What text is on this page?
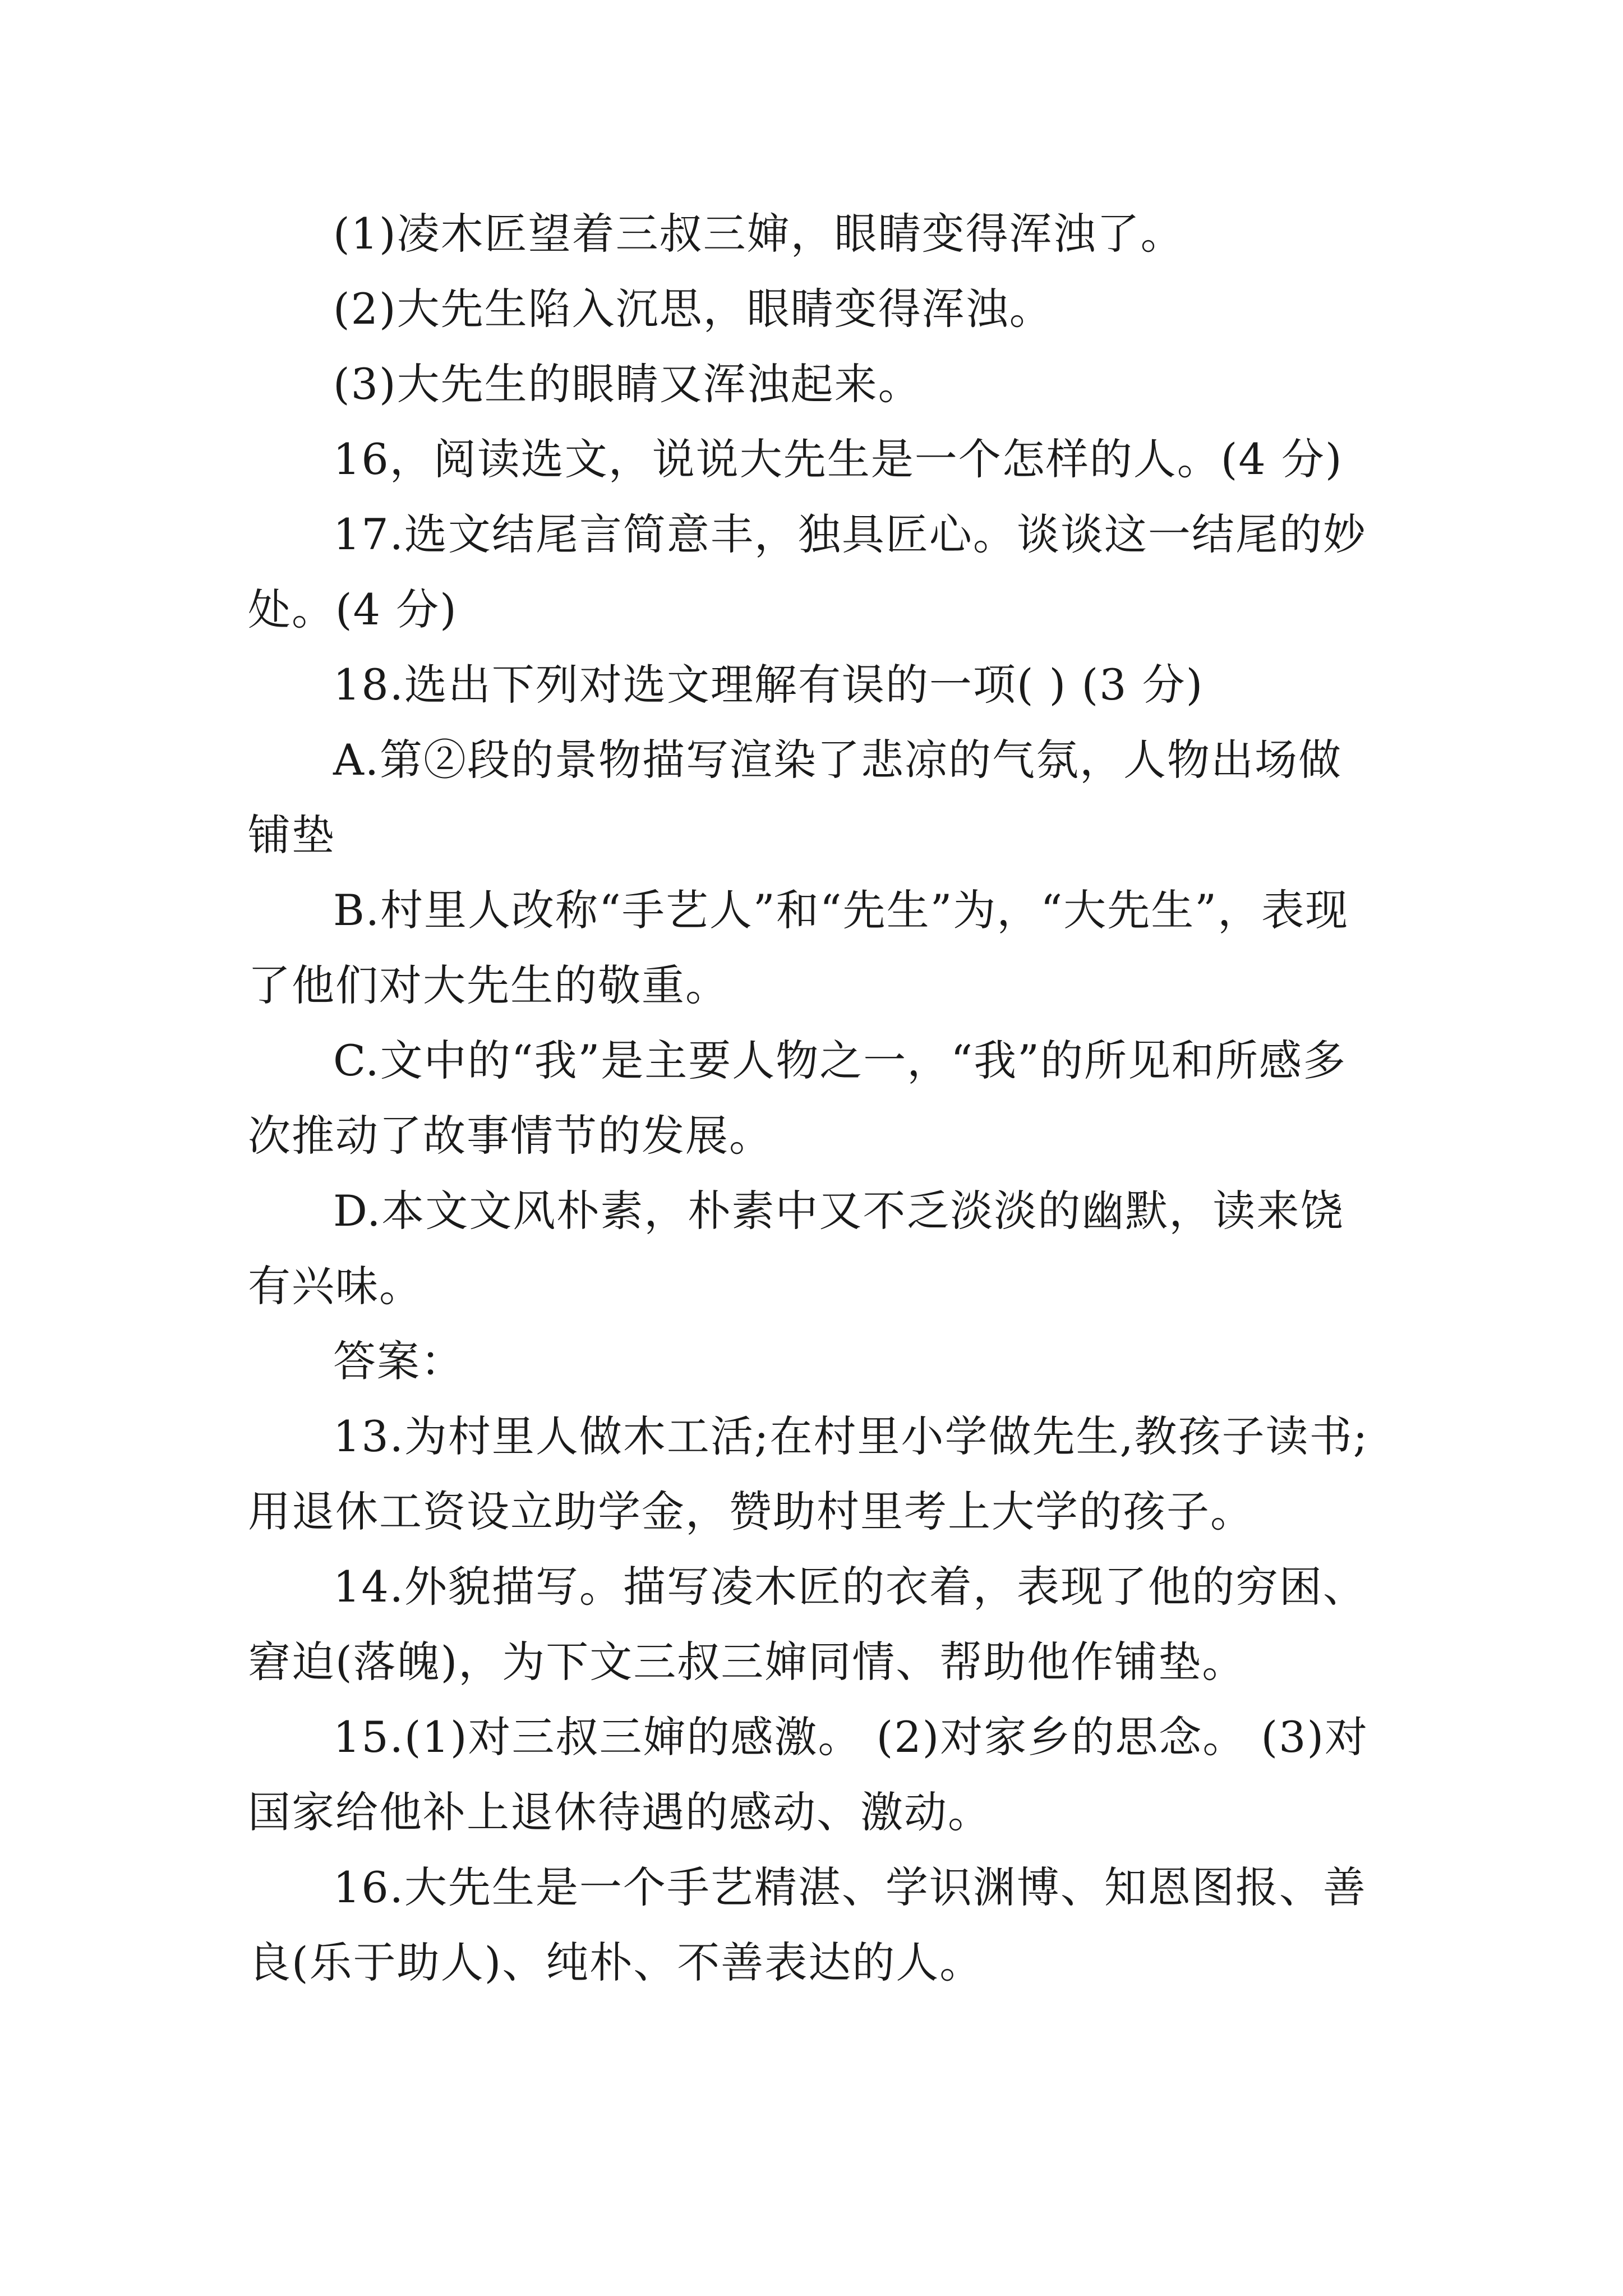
(1)凌木匠望着三叔三婶，眼睛变得浑浊了。

(2)大先生陷入沉思，眼睛变得浑浊。

(3)大先生的眼睛又浑浊起来。

16，阅读选文，说说大先生是一个怎样的人。(4 分)

17.选文结尾言简意丰，独具匠心。谈谈这一结尾的妙处。(4 分)

18.选出下列对选文理解有误的一项( ) (3 分)

A.第②段的景物描写渲染了悲凉的气氛，人物出场做铺垫

B.村里人改称“手艺人”和“先生”为，“大先生”，表现了他们对大先生的敬重。

C.文中的“我”是主要人物之一，“我”的所见和所感多次推动了故事情节的发展。

D.本文文风朴素，朴素中又不乏淡淡的幽默，读来饶有兴味。

答案：

13.为村里人做木工活;在村里小学做先生,教孩子读书;用退休工资设立助学金，赞助村里考上大学的孩子。

14.外貌描写。描写凌木匠的衣着，表现了他的穷困、窘迫(落魄)，为下文三叔三婶同情、帮助他作铺垫。

15.(1)对三叔三婶的感激。 (2)对家乡的思念。 (3)对国家给他补上退休待遇的感动、激动。

16.大先生是一个手艺精湛、学识渊博、知恩图报、善良(乐于助人)、纯朴、不善表达的人。
